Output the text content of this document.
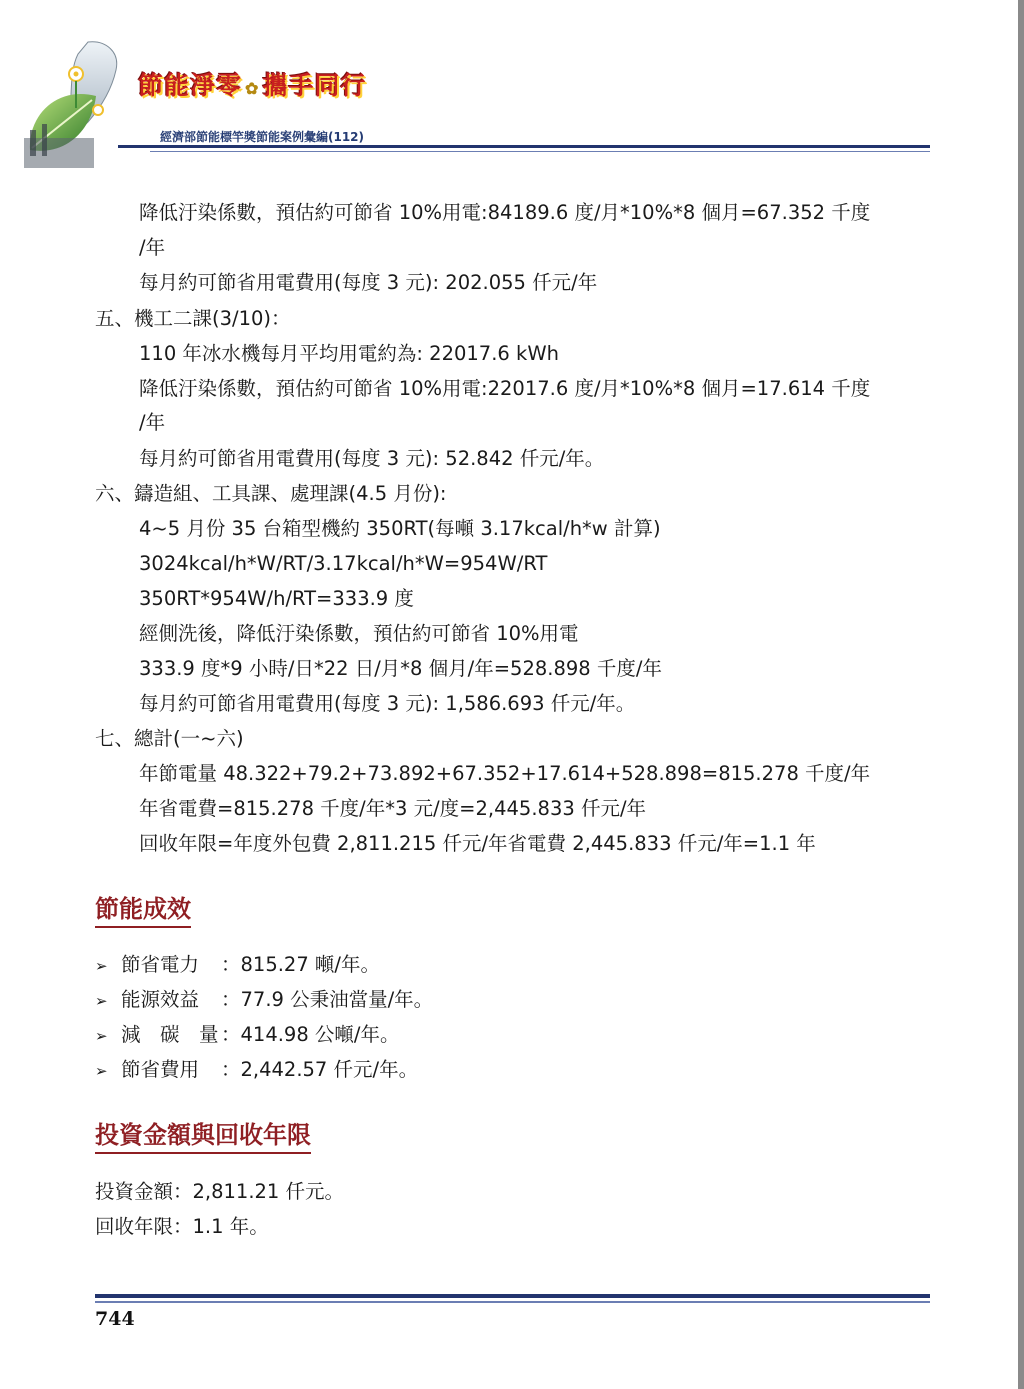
節能淨零 ✿ 攜手同行
經濟部節能標竿獎節能案例彙編(112)

降低汙染係數，預估約可節省 10%用電:84189.6 度/月*10%*8 個月=67.352 千度

/年

每月約可節省用電費用(每度 3 元): 202.055 仟元/年

五、機工二課(3/10)：

110 年冰水機每月平均用電約為: 22017.6 kWh

降低汙染係數，預估約可節省 10%用電:22017.6 度/月*10%*8 個月=17.614 千度

/年

每月約可節省用電費用(每度 3 元): 52.842 仟元/年。

六、鑄造組、工具課、處理課(4.5 月份):

4~5 月份 35 台箱型機約 350RT(每噸 3.17kcal/h*w 計算)

3024kcal/h*W/RT/3.17kcal/h*W=954W/RT

350RT*954W/h/RT=333.9 度

經側洗後，降低汙染係數，預估約可節省 10%用電

333.9 度*9 小時/日*22 日/月*8 個月/年=528.898 千度/年

每月約可節省用電費用(每度 3 元): 1,586.693 仟元/年。

七、總計(一~六)

年節電量 48.322+79.2+73.892+67.352+17.614+528.898=815.278 千度/年

年省電費=815.278 千度/年*3 元/度=2,445.833 仟元/年

回收年限=年度外包費 2,811.215 仟元/年省電費 2,445.833 仟元/年=1.1 年

節能成效
➢ 節省電力 ：815.27 噸/年。
➢ 能源效益 ：77.9 公秉油當量/年。
➢ 減　碳　量 ：414.98 公噸/年。
➢ 節省費用 ：2,442.57 仟元/年。
投資金額與回收年限

投資金額：2,811.21 仟元。

回收年限：1.1 年。

744
